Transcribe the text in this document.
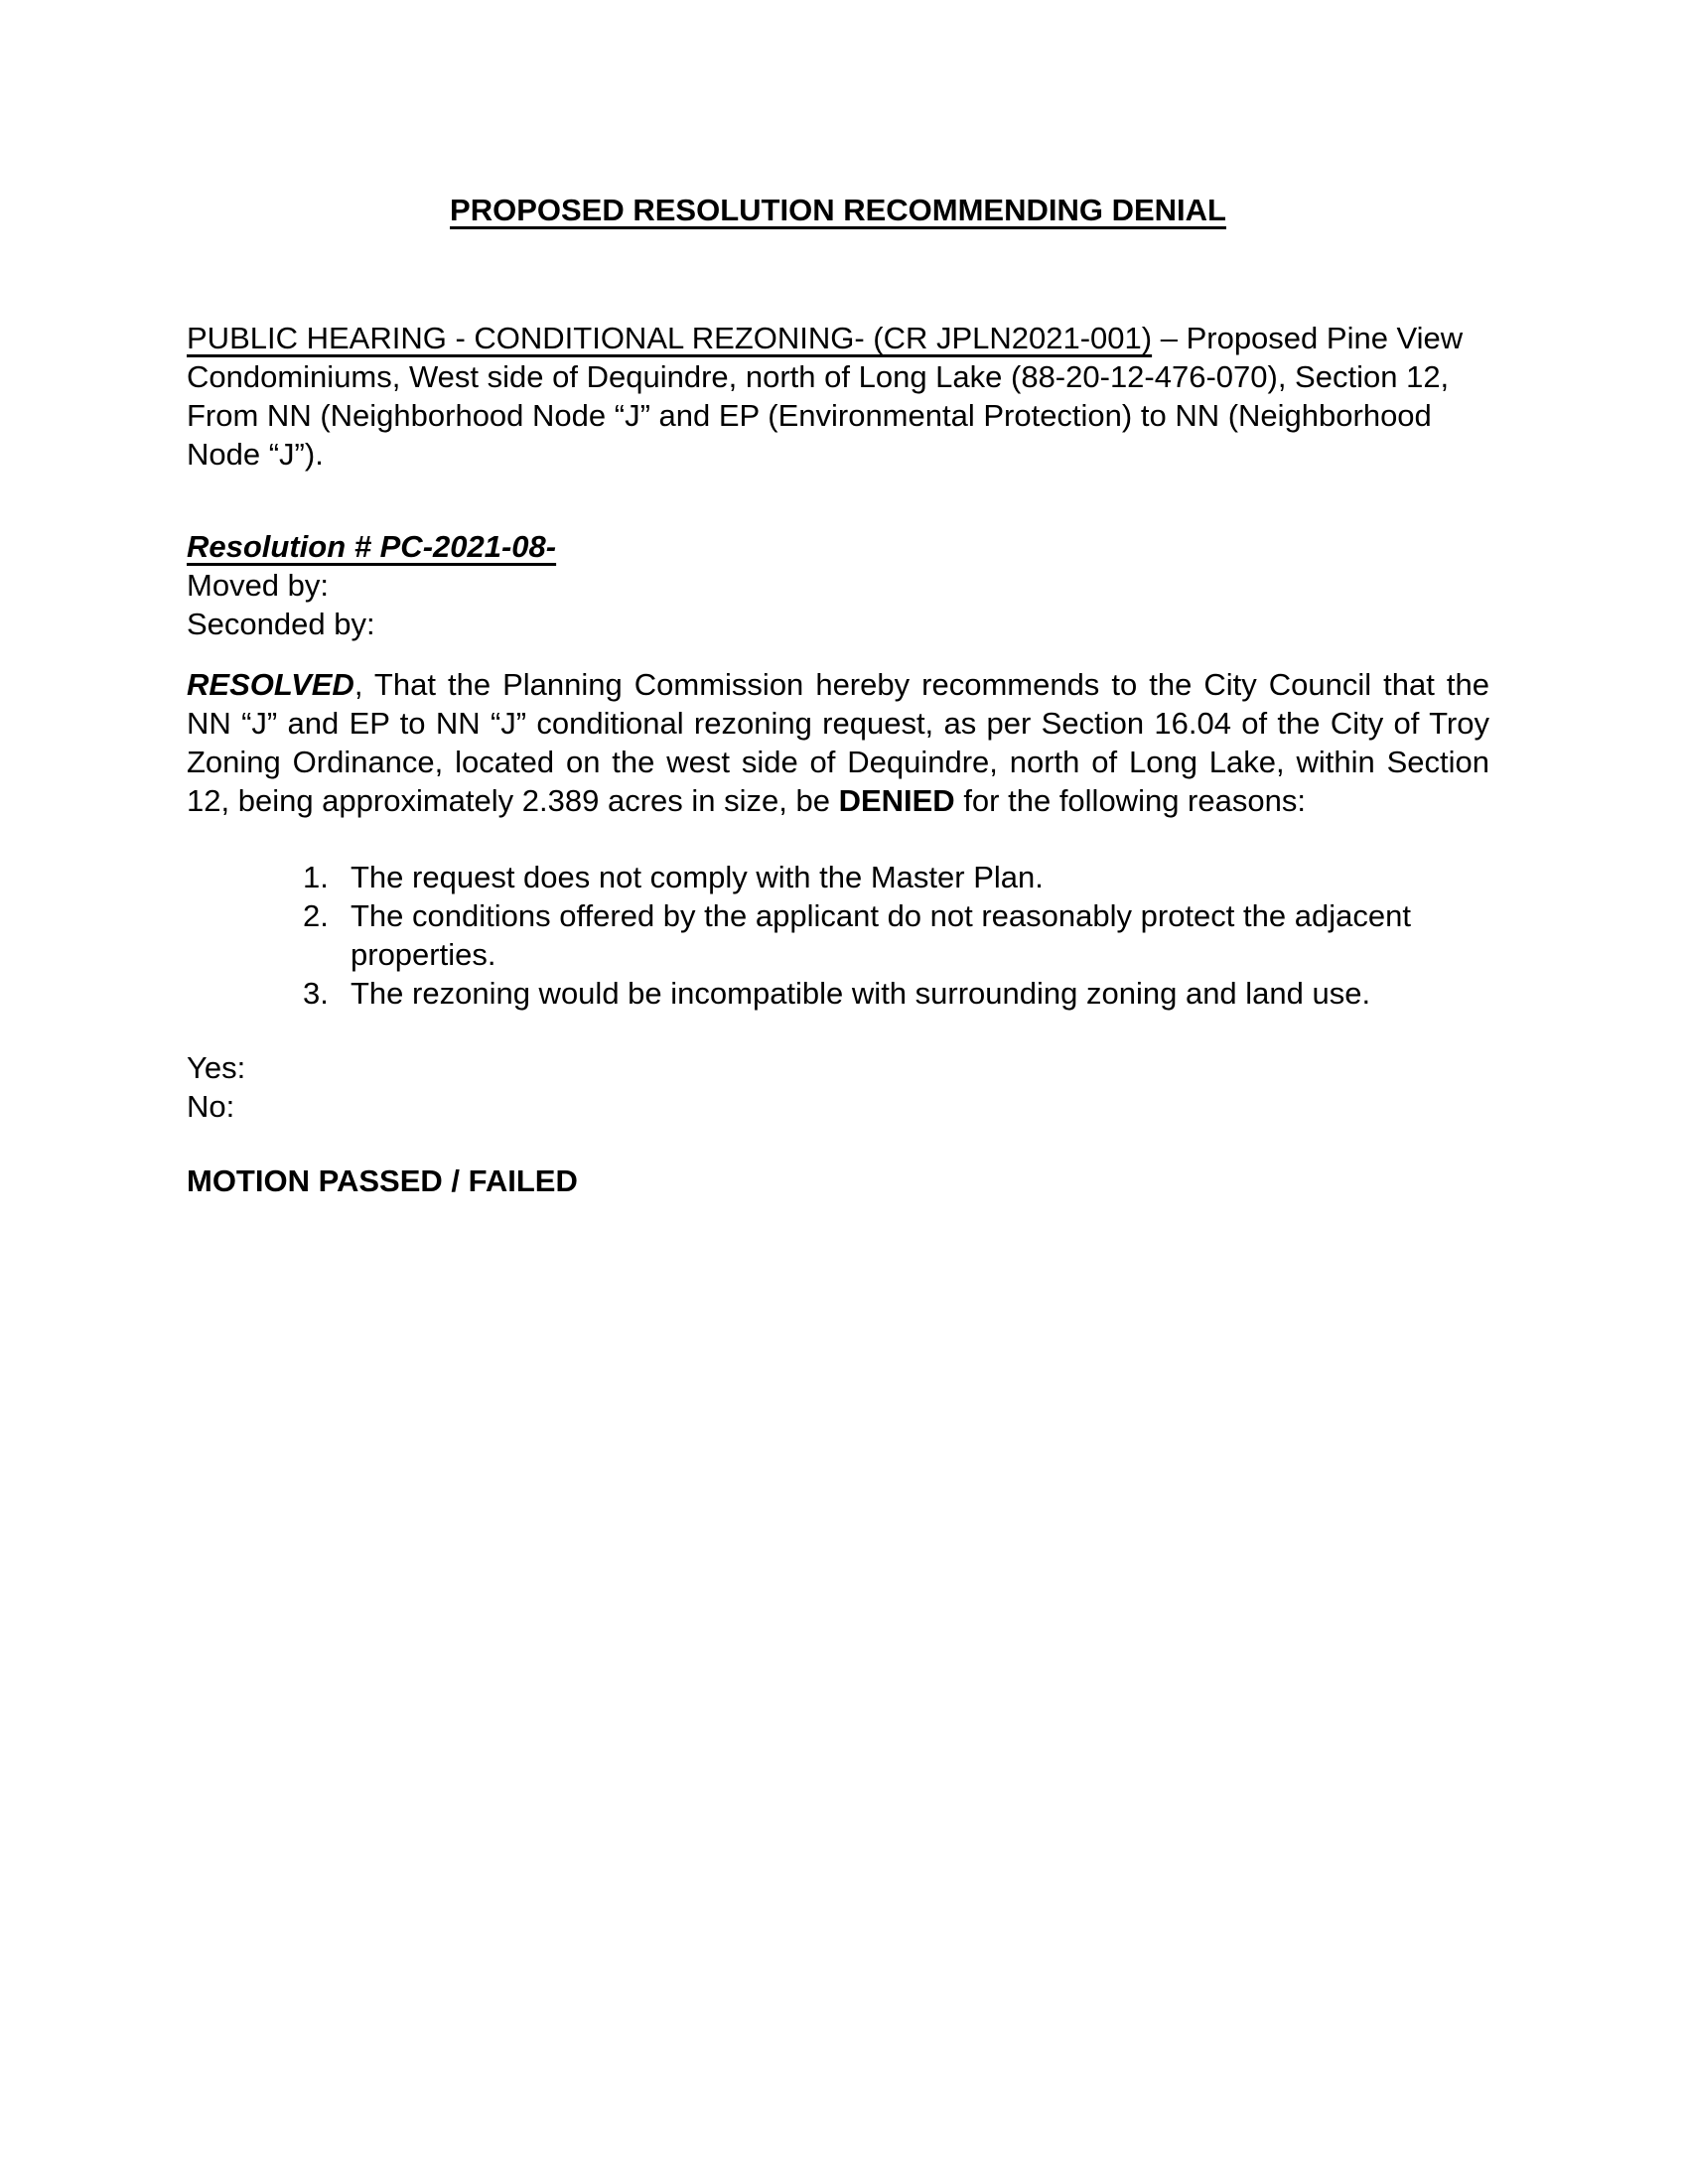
PROPOSED RESOLUTION RECOMMENDING DENIAL

PUBLIC HEARING - CONDITIONAL REZONING- (CR JPLN2021-001) – Proposed Pine View Condominiums, West side of Dequindre, north of Long Lake (88-20-12-476-070), Section 12, From NN (Neighborhood Node “J” and EP (Environmental Protection) to NN (Neighborhood Node “J”).

Resolution # PC-2021-08-
Moved by:
Seconded by:

RESOLVED, That the Planning Commission hereby recommends to the City Council that the NN “J” and EP to NN “J” conditional rezoning request, as per Section 16.04 of the City of Troy Zoning Ordinance, located on the west side of Dequindre, north of Long Lake, within Section 12, being approximately 2.389 acres in size, be DENIED for the following reasons:

The request does not comply with the Master Plan.
The conditions offered by the applicant do not reasonably protect the adjacent properties.
The rezoning would be incompatible with surrounding zoning and land use.
Yes:
No:

MOTION PASSED / FAILED
